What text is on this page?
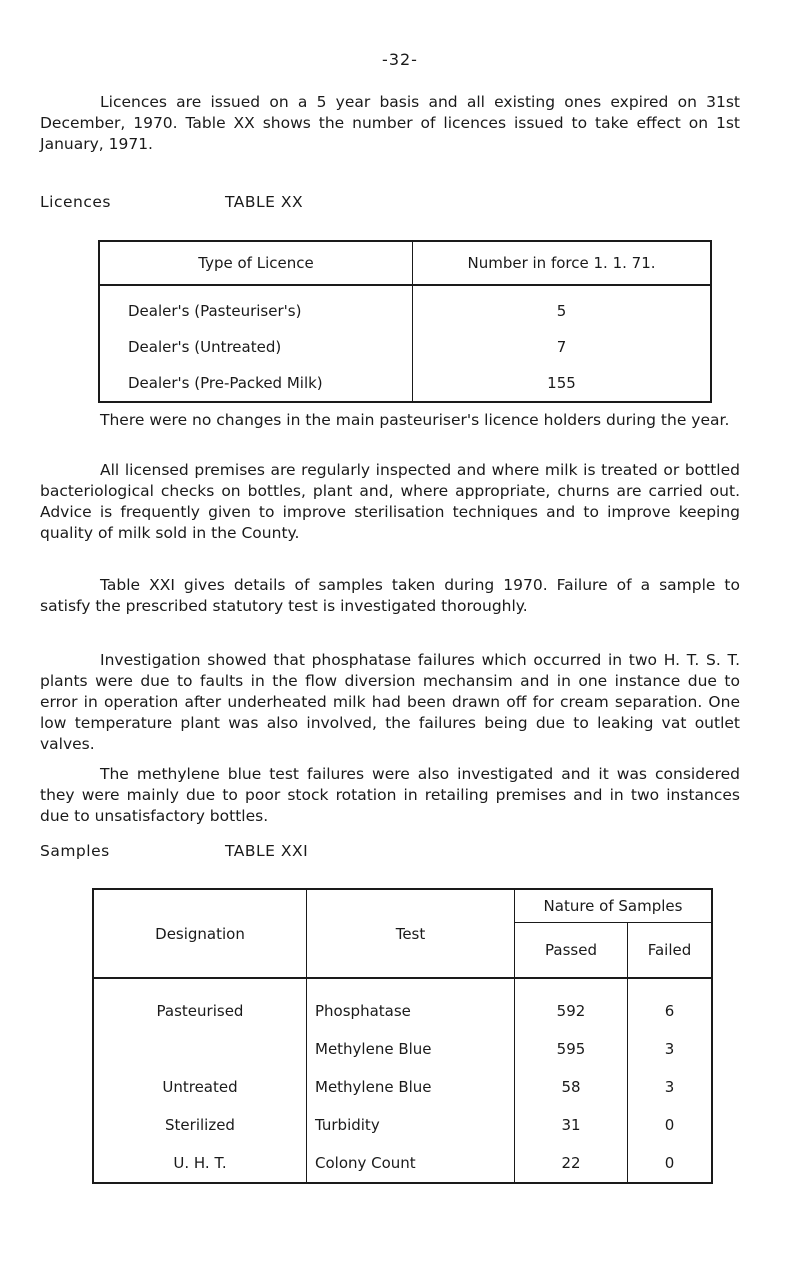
-32-

Licences are issued on a 5 year basis and all existing ones expired on 31st December, 1970. Table XX shows the number of licences issued to take effect on 1st January, 1971.

Licences	TABLE XX
Type of Licence	Number in force 1. 1. 71.
Dealer's (Pasteuriser's)	5
Dealer's (Untreated)	7
Dealer's (Pre-Packed Milk)	155

There were no changes in the main pasteuriser's licence holders during the year.

All licensed premises are regularly inspected and where milk is treated or bottled bacteriological checks on bottles, plant and, where appropriate, churns are carried out. Advice is frequently given to improve sterilisation techniques and to improve keeping quality of milk sold in the County.

Table XXI gives details of samples taken during 1970. Failure of a sample to satisfy the prescribed statutory test is investigated thoroughly.

Investigation showed that phosphatase failures which occurred in two H. T. S. T. plants were due to faults in the flow diversion mechansim and in one instance due to error in operation after underheated milk had been drawn off for cream separation. One low temperature plant was also involved, the failures being due to leaking vat outlet valves.

The methylene blue test failures were also investigated and it was considered they were mainly due to poor stock rotation in retailing premises and in two instances due to unsatisfactory bottles.

Samples	TABLE XXI
Designation	Test	Nature of Samples	
		Passed	Failed
Pasteurised	Phosphatase	592	6
	Methylene Blue	595	3
Untreated	Methylene Blue	58	3
Sterilized	Turbidity	31	0
U. H. T.	Colony Count	22	0
